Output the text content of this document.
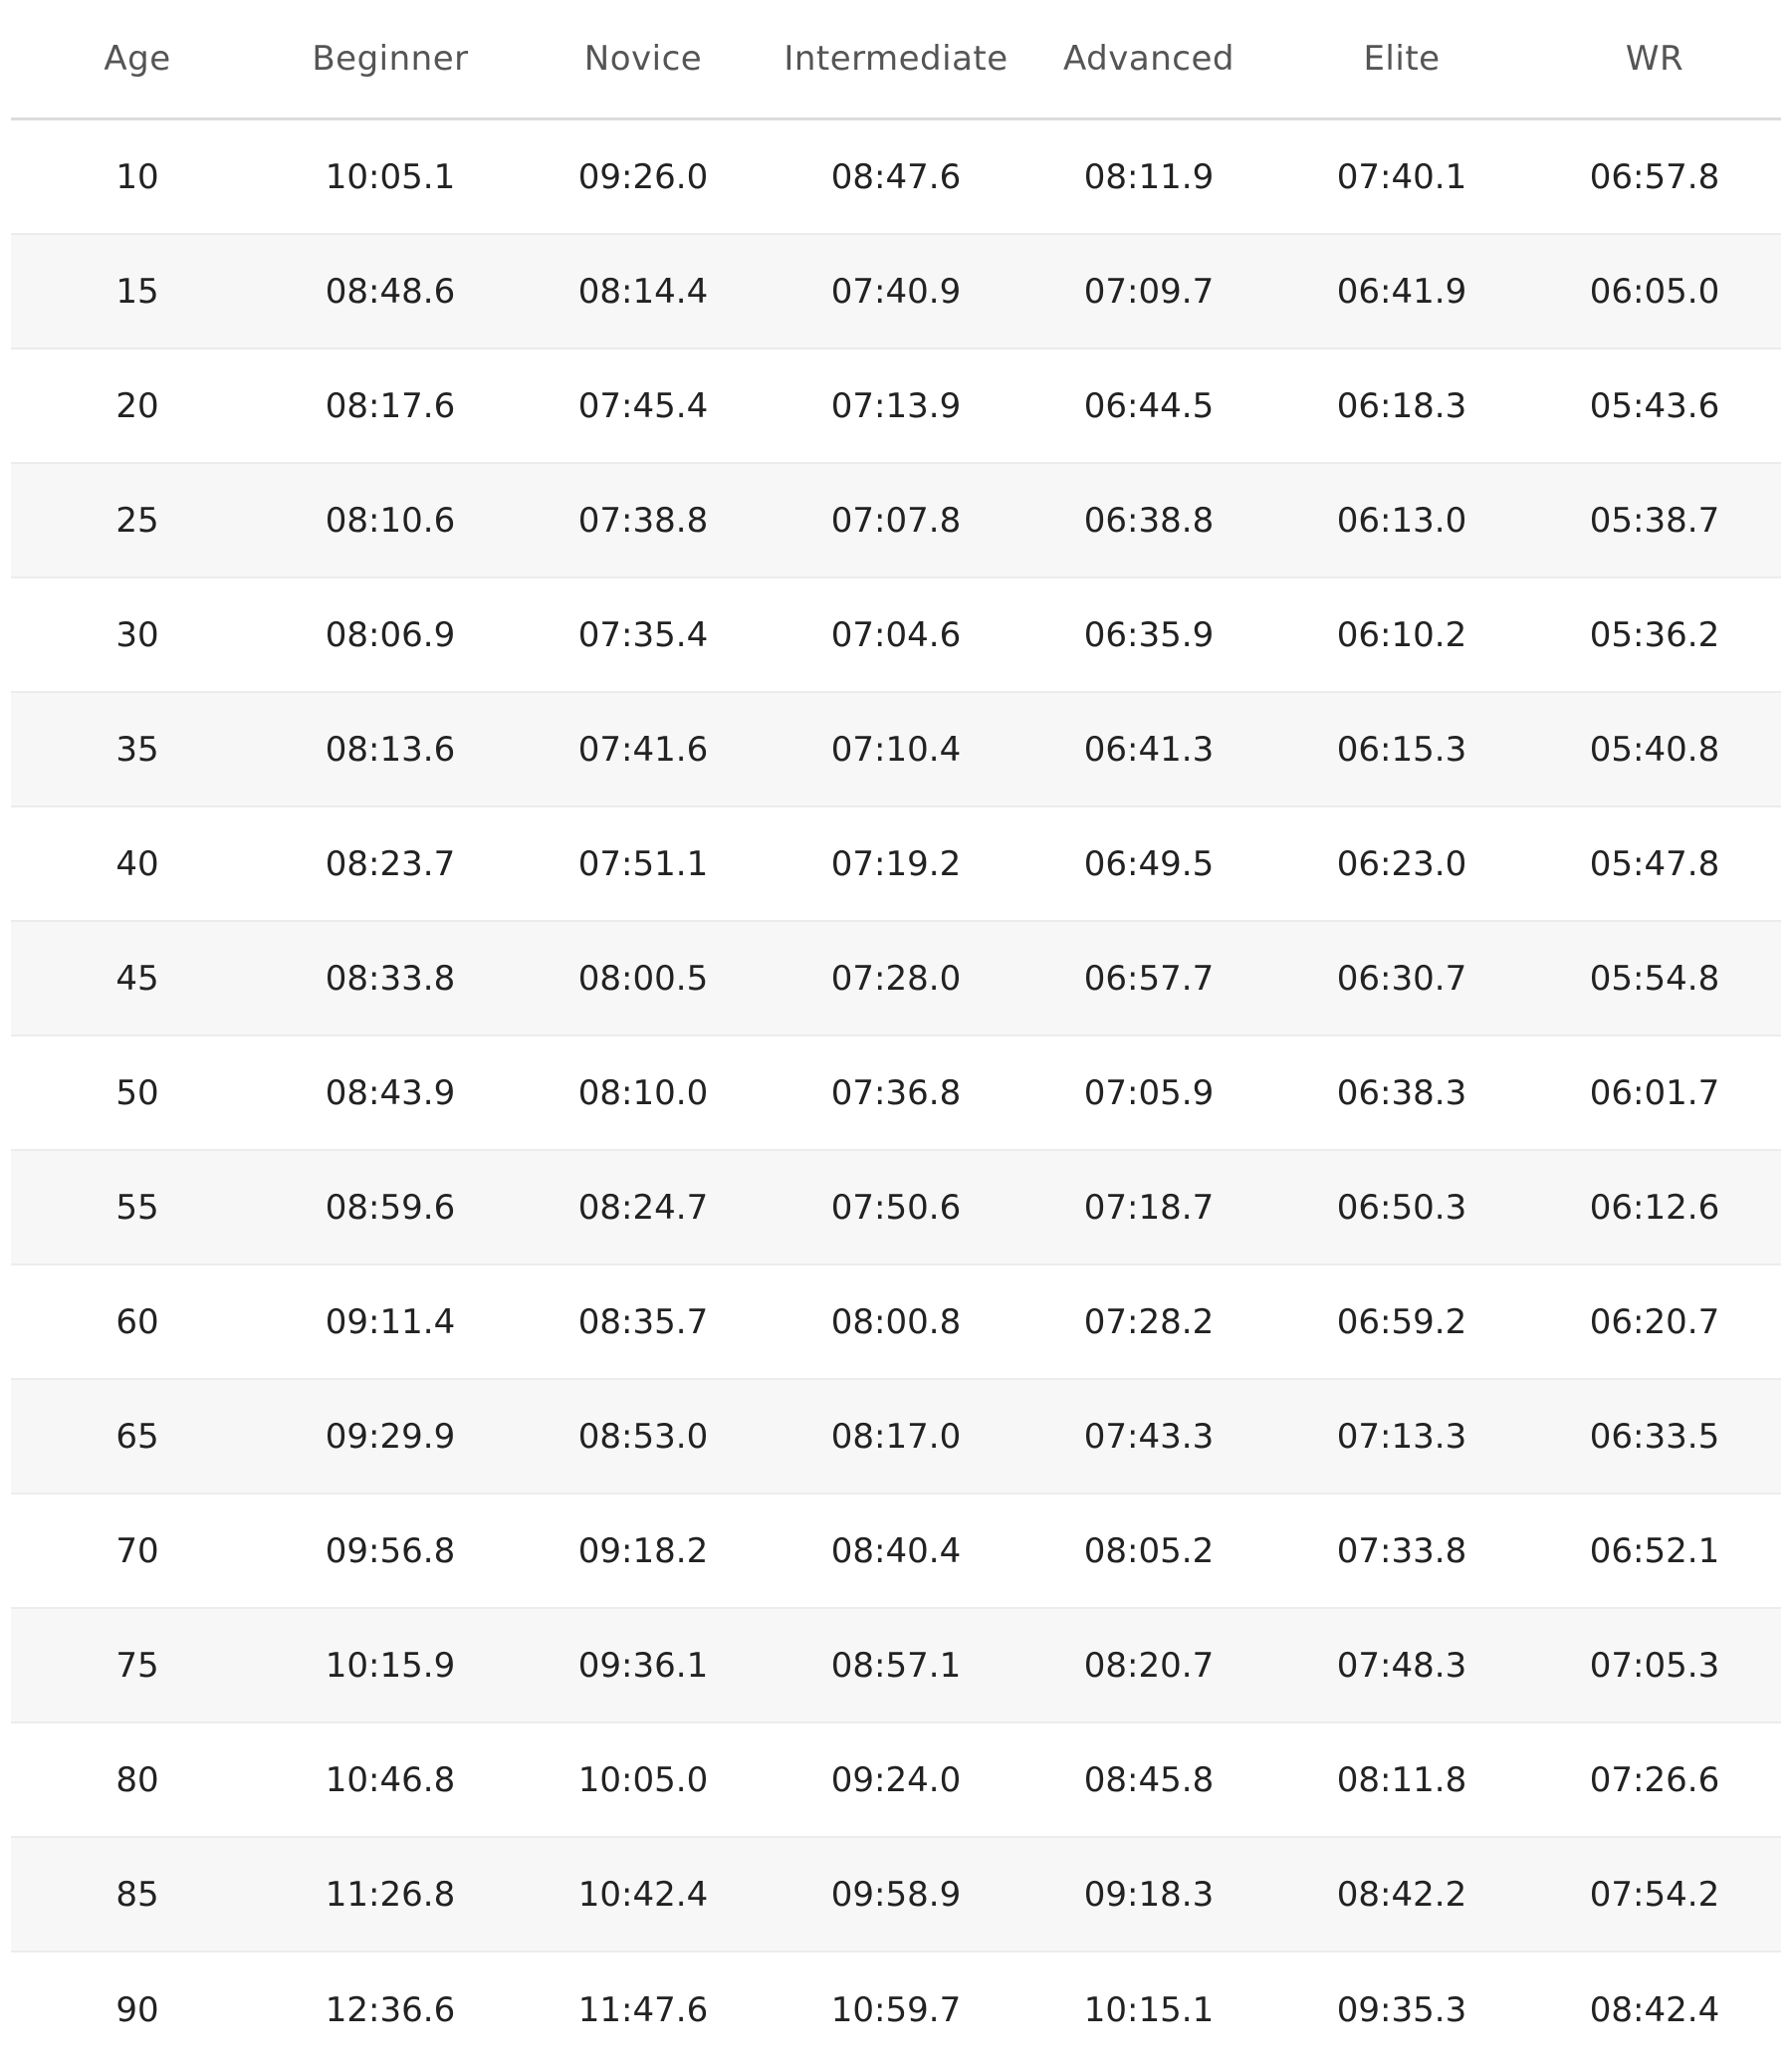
Age	Beginner	Novice	Intermediate	Advanced	Elite	WR
10	10:05.1	09:26.0	08:47.6	08:11.9	07:40.1	06:57.8
15	08:48.6	08:14.4	07:40.9	07:09.7	06:41.9	06:05.0
20	08:17.6	07:45.4	07:13.9	06:44.5	06:18.3	05:43.6
25	08:10.6	07:38.8	07:07.8	06:38.8	06:13.0	05:38.7
30	08:06.9	07:35.4	07:04.6	06:35.9	06:10.2	05:36.2
35	08:13.6	07:41.6	07:10.4	06:41.3	06:15.3	05:40.8
40	08:23.7	07:51.1	07:19.2	06:49.5	06:23.0	05:47.8
45	08:33.8	08:00.5	07:28.0	06:57.7	06:30.7	05:54.8
50	08:43.9	08:10.0	07:36.8	07:05.9	06:38.3	06:01.7
55	08:59.6	08:24.7	07:50.6	07:18.7	06:50.3	06:12.6
60	09:11.4	08:35.7	08:00.8	07:28.2	06:59.2	06:20.7
65	09:29.9	08:53.0	08:17.0	07:43.3	07:13.3	06:33.5
70	09:56.8	09:18.2	08:40.4	08:05.2	07:33.8	06:52.1
75	10:15.9	09:36.1	08:57.1	08:20.7	07:48.3	07:05.3
80	10:46.8	10:05.0	09:24.0	08:45.8	08:11.8	07:26.6
85	11:26.8	10:42.4	09:58.9	09:18.3	08:42.2	07:54.2
90	12:36.6	11:47.6	10:59.7	10:15.1	09:35.3	08:42.4
